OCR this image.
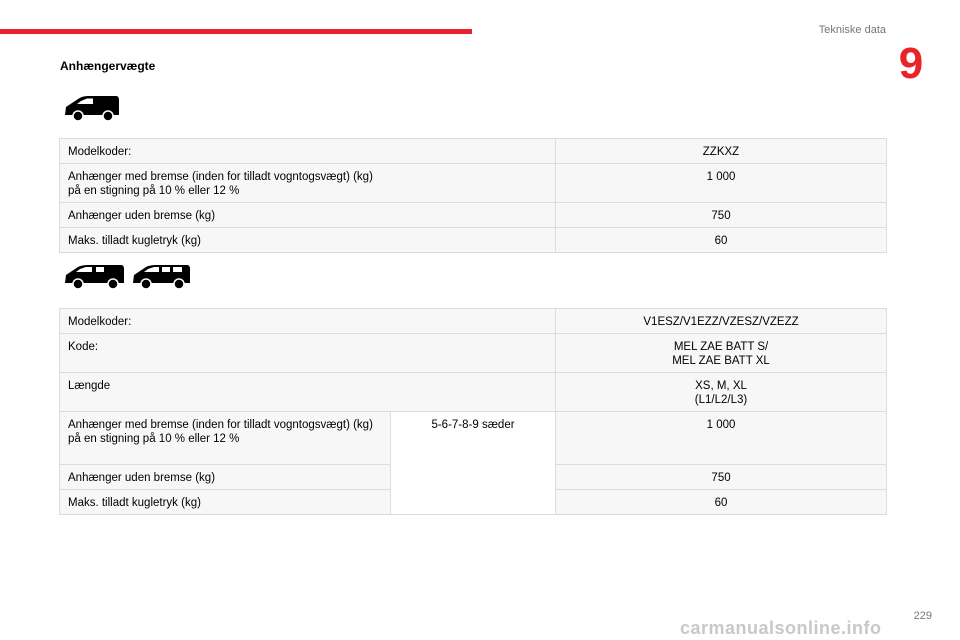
Tekniske data
9
Anhængervægte
Modelkoder:	ZZKXZ
Anhænger med bremse (inden for tilladt vogntogsvægt) (kg)
på en stigning på 10 % eller 12 %	1 000
Anhænger uden bremse (kg)	750
Maks. tilladt kugletryk (kg)	60
Modelkoder:		V1ESZ/V1EZZ/VZESZ/VZEZZ
Kode:		MEL ZAE BATT S/
MEL ZAE BATT XL
Længde		XS, M, XL
(L1/L2/L3)
Anhænger med bremse (inden for tilladt vogntogsvægt) (kg)
på en stigning på 10 % eller 12 %	5-6-7-8-9 sæder	1 000
Anhænger uden bremse (kg)		750
Maks. tilladt kugletryk (kg)		60
229
carmanualsonline.info
